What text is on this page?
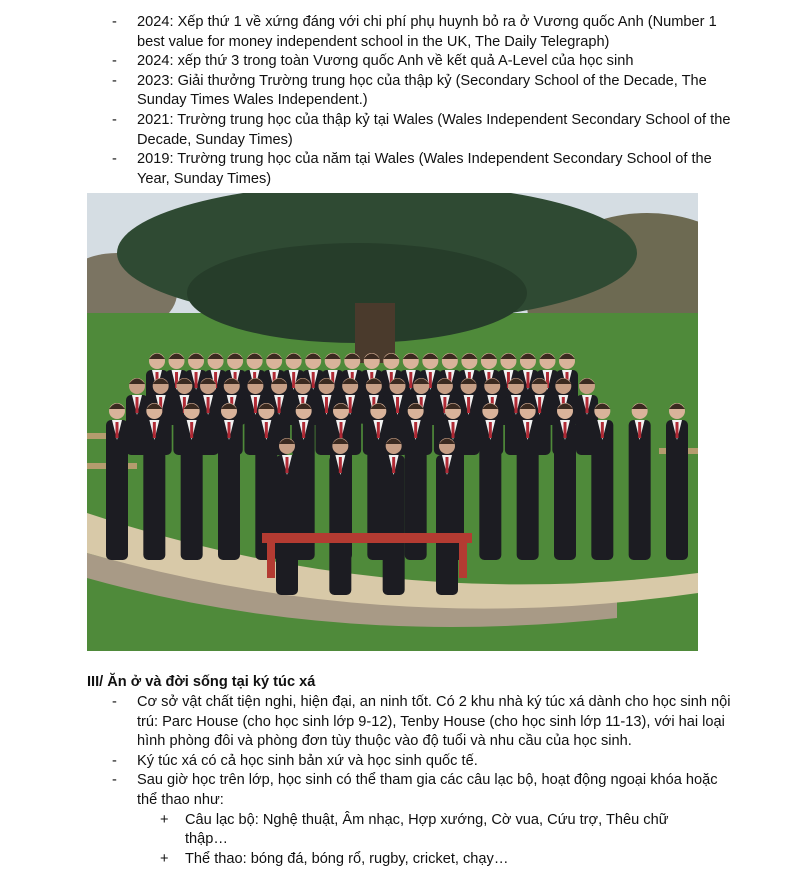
- 2024: Xếp thứ 1 về xứng đáng với chi phí phụ huynh bỏ ra ở Vương quốc Anh (Number 1 best value for money independent school in the UK, The Daily Telegraph)
- 2024: xếp thứ 3 trong toàn Vương quốc Anh về kết quả A-Level của học sinh
- 2023: Giải thưởng Trường trung học của thập kỷ (Secondary School of the Decade, The Sunday Times Wales Independent.)
- 2021: Trường trung học của thập kỷ tại Wales (Wales Independent Secondary School of the Decade, Sunday Times)
- 2019: Trường trung học của năm tại Wales (Wales Independent Secondary School of the Year, Sunday Times)
III/ Ăn ở và đời sống tại ký túc xá
- Cơ sở vật chất tiện nghi, hiện đại, an ninh tốt. Có 2 khu nhà ký túc xá dành cho học sinh nội trú: Parc House (cho học sinh lớp 9-12), Tenby House (cho học sinh lớp 11-13), với hai loại hình phòng đôi và phòng đơn tùy thuộc vào độ tuổi và nhu cầu của học sinh.
- Ký túc xá có cả học sinh bản xứ và học sinh quốc tế.
- Sau giờ học trên lớp, học sinh có thể tham gia các câu lạc bộ, hoạt động ngoại khóa hoặc thể thao như:
+ Câu lạc bộ: Nghệ thuật, Âm nhạc, Hợp xướng, Cờ vua, Cứu trợ, Thêu chữ thập…
+ Thể thao: bóng đá, bóng rổ, rugby, cricket, chạy…
